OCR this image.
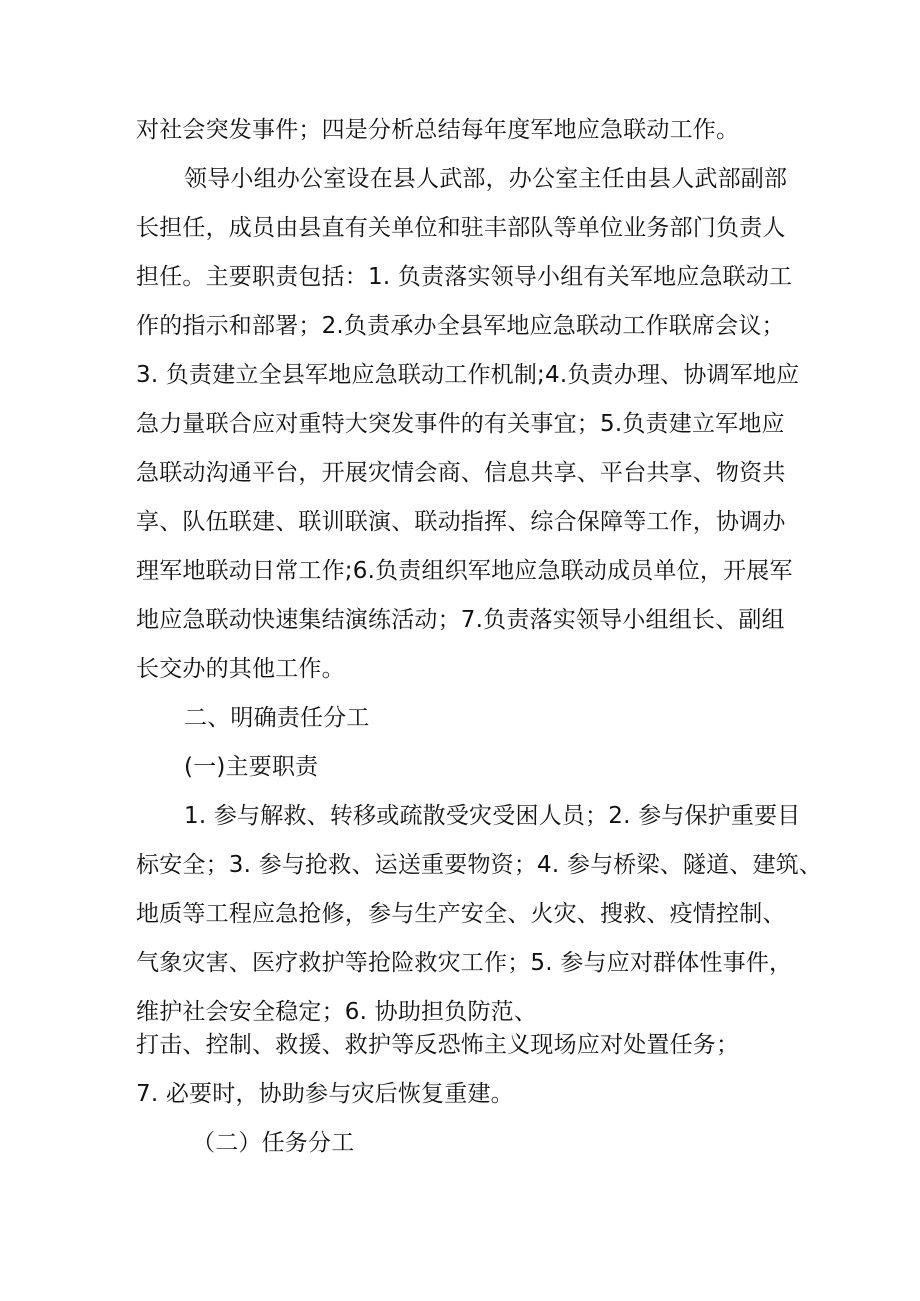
对社会突发事件；四是分析总结每年度军地应急联动工作。
领导小组办公室设在县人武部，办公室主任由县人武部副部
长担任，成员由县直有关单位和驻丰部队等单位业务部门负责人
担任。主要职责包括：1. 负责落实领导小组有关军地应急联动工
作的指示和部署；2.负责承办全县军地应急联动工作联席会议；
3. 负责建立全县军地应急联动工作机制;4.负责办理、协调军地应
急力量联合应对重特大突发事件的有关事宜；5.负责建立军地应
急联动沟通平台，开展灾情会商、信息共享、平台共享、物资共
享、队伍联建、联训联演、联动指挥、综合保障等工作，协调办
理军地联动日常工作;6.负责组织军地应急联动成员单位，开展军
地应急联动快速集结演练活动；7.负责落实领导小组组长、副组
长交办的其他工作。
二、明确责任分工
(一)主要职责
1. 参与解救、转移或疏散受灾受困人员；2. 参与保护重要目
标安全；3. 参与抢救、运送重要物资；4. 参与桥梁、隧道、建筑、
地质等工程应急抢修，参与生产安全、火灾、搜救、疫情控制、
气象灾害、医疗救护等抢险救灾工作；5. 参与应对群体性事件，
维护社会安全稳定；6. 协助担负防范、
打击、控制、救援、救护等反恐怖主义现场应对处置任务；
7. 必要时，协助参与灾后恢复重建。
（二）任务分工
